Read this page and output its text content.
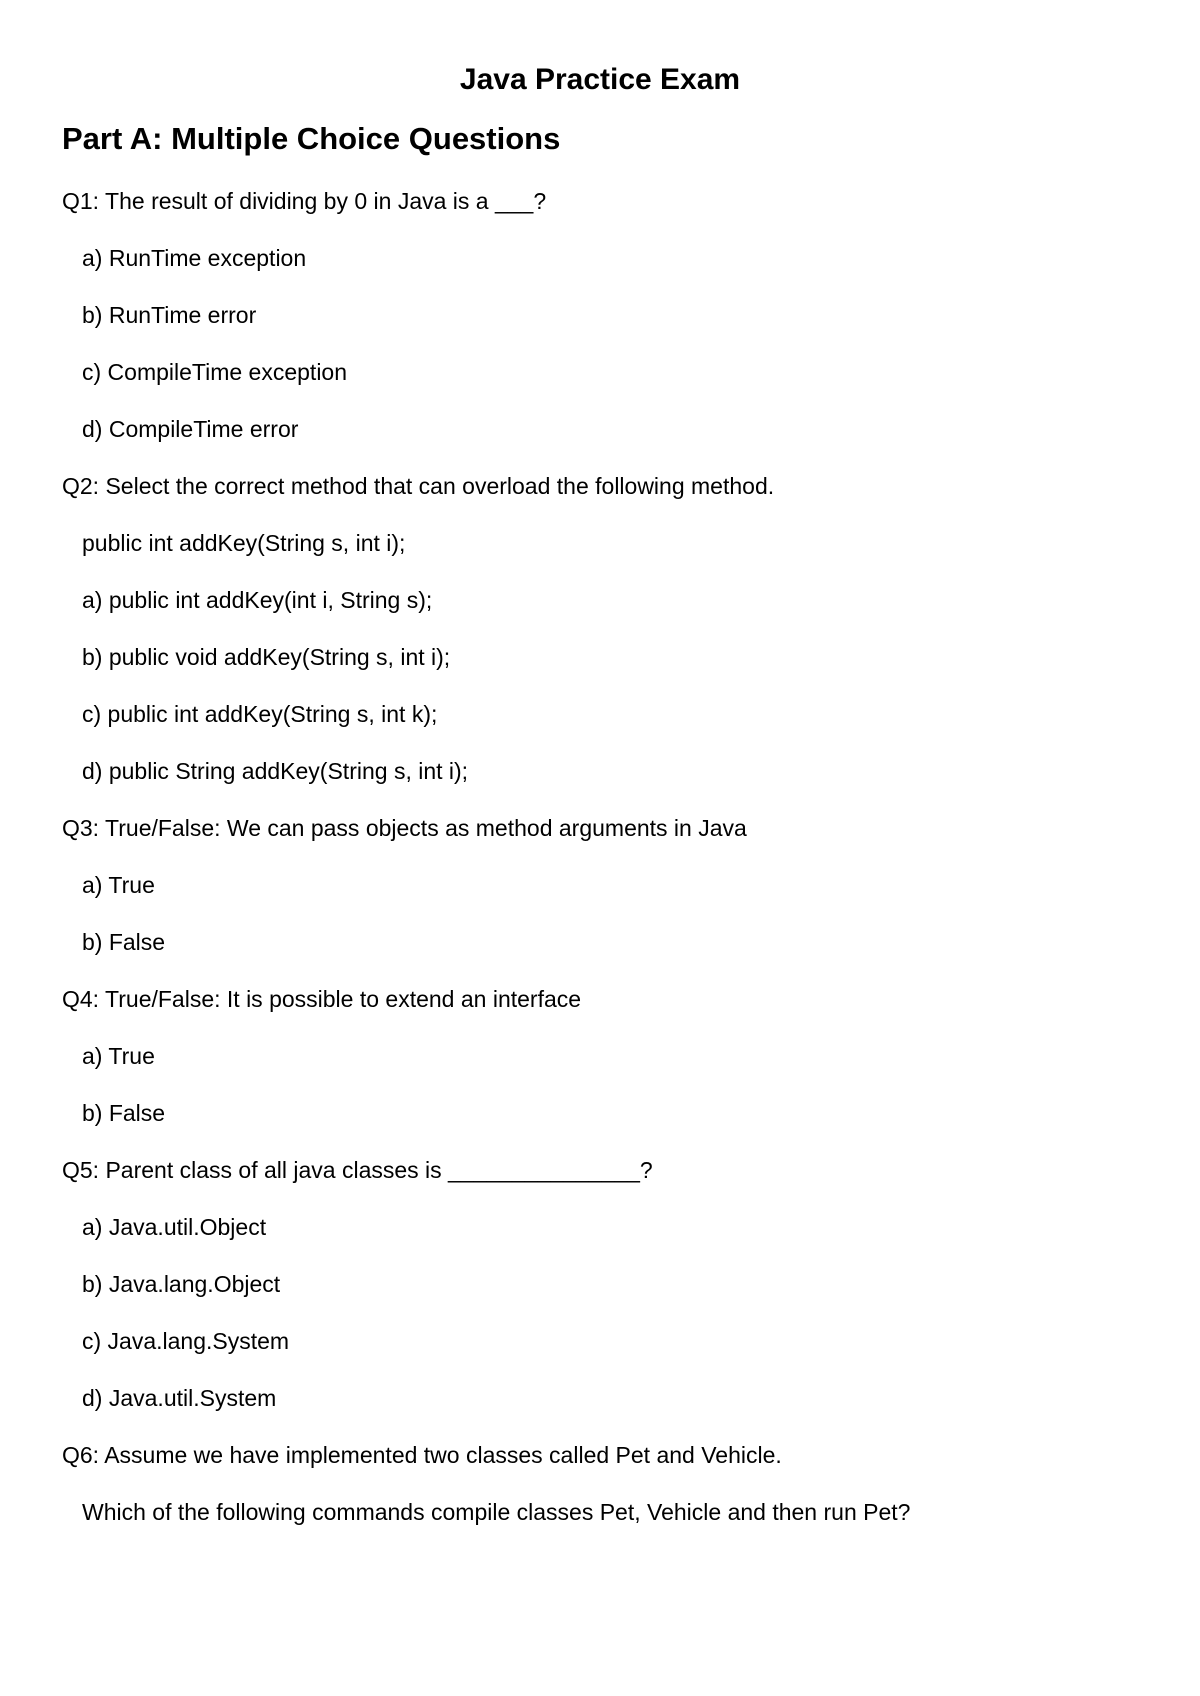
Java Practice Exam
Part A: Multiple Choice Questions
Q1: The result of dividing by 0 in Java is a ___?
a) RunTime exception
b) RunTime error
c) CompileTime exception
d) CompileTime error
Q2: Select the correct method that can overload the following method.
public int addKey(String s, int i);
a) public int addKey(int i, String s);
b) public void addKey(String s, int i);
c) public int addKey(String s, int k);
d) public String addKey(String s, int i);
Q3: True/False: We can pass objects as method arguments in Java
a) True
b) False
Q4: True/False: It is possible to extend an interface
a) True
b) False
Q5: Parent class of all java classes is _______________?
a) Java.util.Object
b) Java.lang.Object
c) Java.lang.System
d) Java.util.System
Q6: Assume we have implemented two classes called Pet and Vehicle.
Which of the following commands compile classes Pet, Vehicle and then run Pet?
